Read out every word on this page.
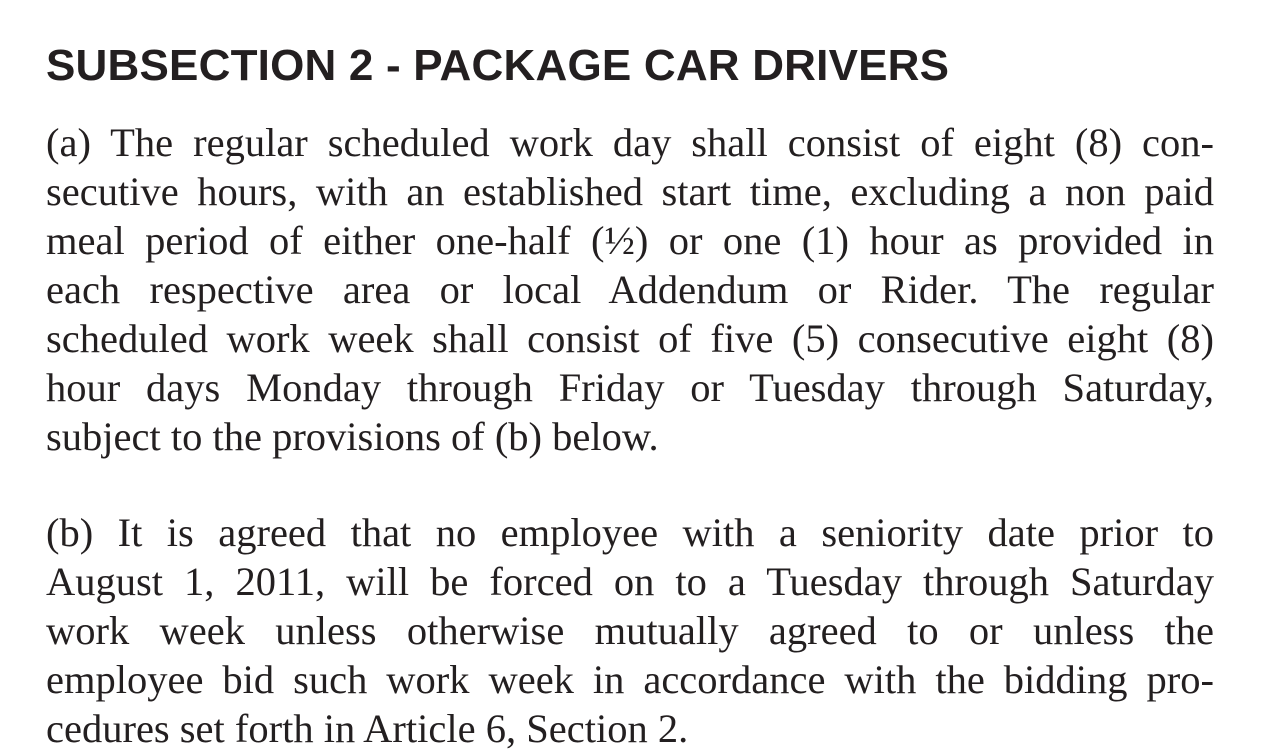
SUBSECTION 2 - PACKAGE CAR DRIVERS
(a) The regular scheduled work day shall consist of eight (8) con-
secutive hours, with an established start time, excluding a non paid
meal period of either one-half (½) or one (1) hour as provided in
each respective area or local Addendum or Rider. The regular
scheduled work week shall consist of five (5) consecutive eight (8)
hour days Monday through Friday or Tuesday through Saturday,
subject to the provisions of (b) below.
(b) It is agreed that no employee with a seniority date prior to
August 1, 2011, will be forced on to a Tuesday through Saturday
work week unless otherwise mutually agreed to or unless the
employee bid such work week in accordance with the bidding pro-
cedures set forth in Article 6, Section 2.
